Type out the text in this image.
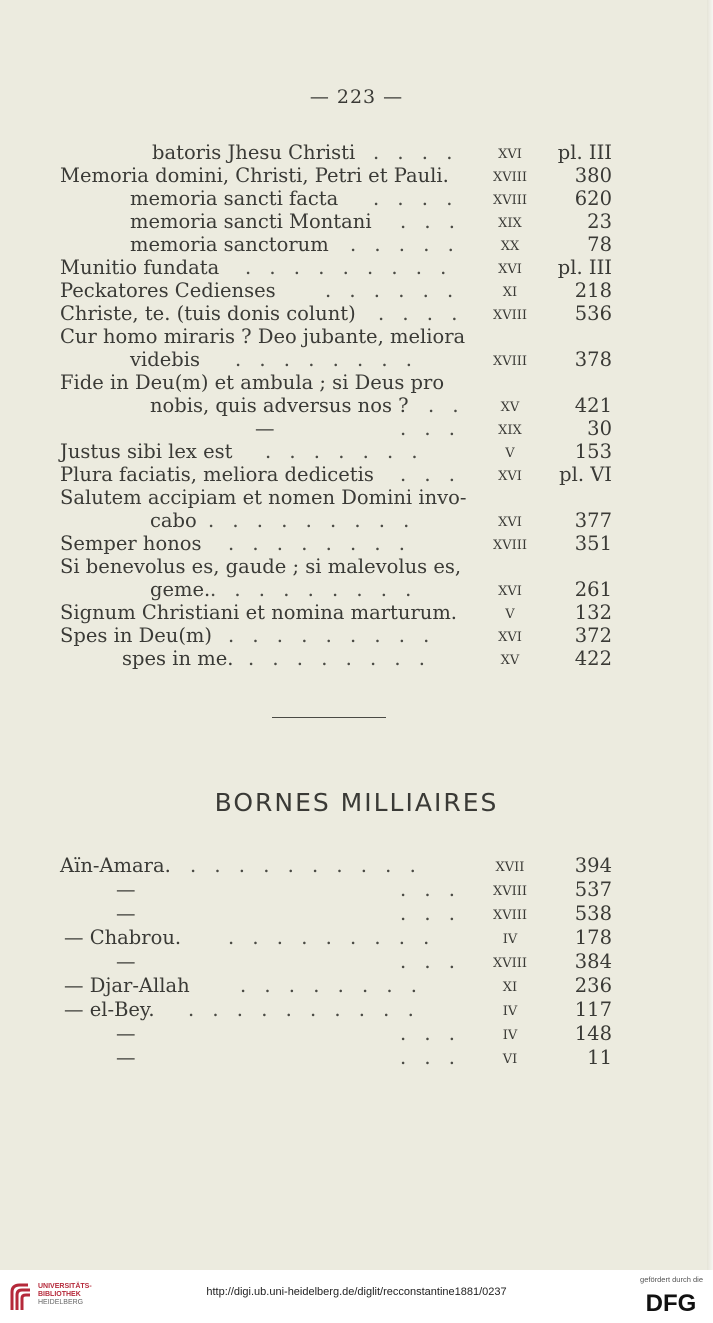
— 223 —
batoris Jhesu Christi . . . .	xvi	pl. III
Memoria domini, Christi, Petri et Pauli.	xviii	380
memoria sancti facta . . . .	xviii	620
memoria sancti Montani . . .	xix	23
memoria sanctorum . . . . .	xx	78
Munitio fundata . . . . . . . . .	xvi	pl. III
Peckatores Cedienses	. . . . . .	xi	218
Christe, te. (tuis donis colunt) . . . .	xviii	536
Cur homo miraris ? Deo jubante, meliora
videbis . . . . . . . .	xviii	378
Fide in Deu(m) et ambula ; si Deus pro
nobis, quis adversus nos ? . .	xv	421
—	. . .	xix	30
Justus sibi lex est . . . . . . .	v	153
Plura faciatis, meliora dedicetis . . .	xvi	pl. VI
Salutem accipiam et nomen Domini invo-
cabo . . . . . . . . .	xvi	377
Semper honos . . . . . . . .	xviii	351
Si benevolus es, gaude ; si malevolus es,
geme. . . . . . . . . .	xvi	261
Signum Christiani et nomina marturum.	v	132
Spes in Deu(m) . . . . . . . . .	xvi	372
spes in me. . . . . . . . .	xv	422
BORNES MILLIAIRES
Aïn-Amara. . . . . . . . . . .	xvii	394
—	. . .	xviii	537
—	. . .	xviii	538
— Chabrou. . . . . . . . . .	iv	178
—	. . .	xviii	384
— Djar-Allah	. . . . . . . .	xi	236
— el-Bey. . . . . . . . . . .	iv	117
—	. . .	iv	148
—	. . .	vi	11
UNIVERSITÄTS-
BIBLIOTHEK
HEIDELBERG
http://digi.ub.uni-heidelberg.de/diglit/recconstantine1881/0237
gefördert durch die
DFG
